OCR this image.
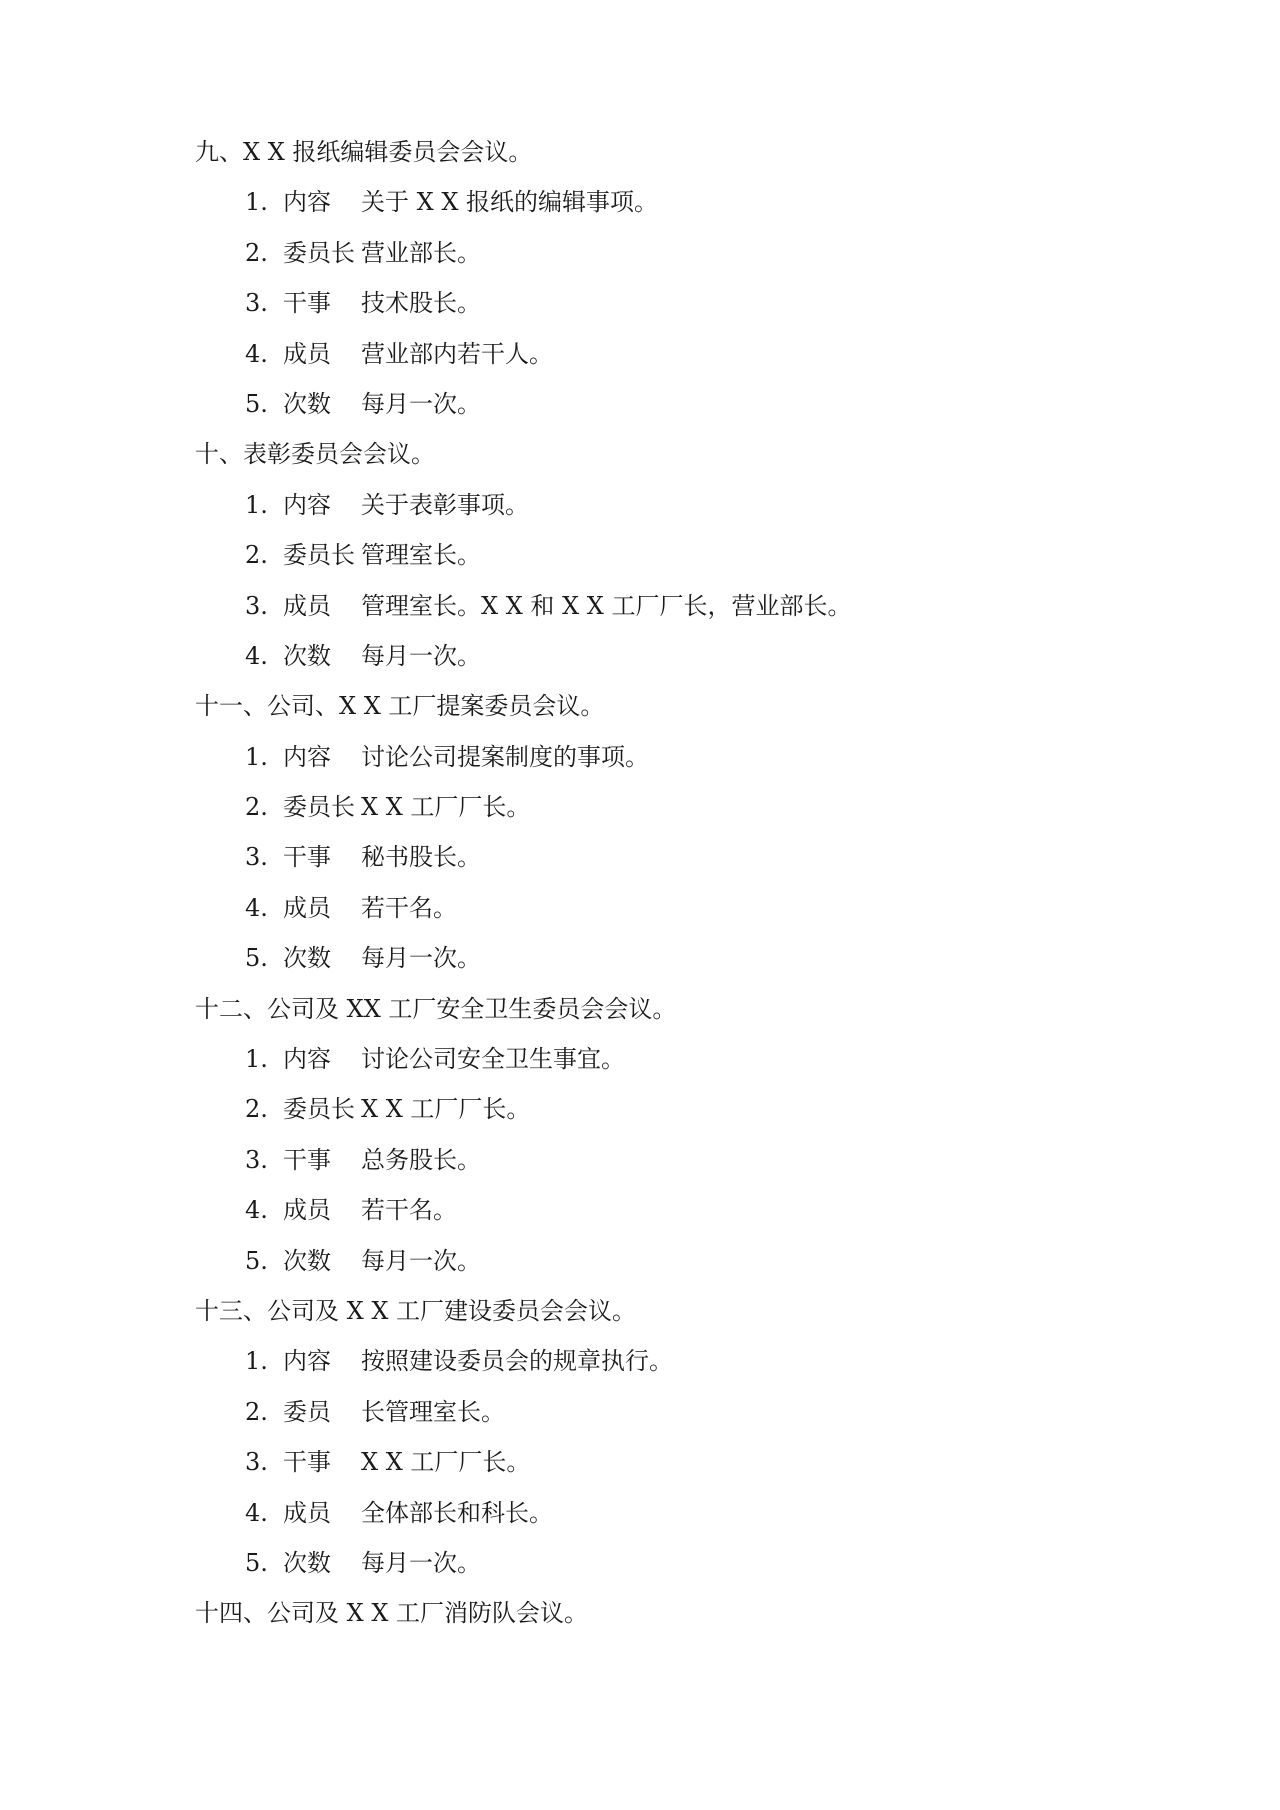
九、X X 报纸编辑委员会会议。
1. 内容 关于 X X 报纸的编辑事项。
2. 委员长 营业部长。
3. 干事 技术股长。
4. 成员 营业部内若干人。
5. 次数 每月一次。
十、表彰委员会会议。
1. 内容 关于表彰事项。
2. 委员长 管理室长。
3. 成员 管理室长。X X 和 X X 工厂厂长，营业部长。
4. 次数 每月一次。
十一、公司、X X 工厂提案委员会议。
1. 内容 讨论公司提案制度的事项。
2. 委员长 X X 工厂厂长。
3. 干事 秘书股长。
4. 成员 若干名。
5. 次数 每月一次。
十二、公司及 XX 工厂安全卫生委员会会议。
1. 内容 讨论公司安全卫生事宜。
2. 委员长 X X 工厂厂长。
3. 干事 总务股长。
4. 成员 若干名。
5. 次数 每月一次。
十三、公司及 X X 工厂建设委员会会议。
1. 内容 按照建设委员会的规章执行。
2. 委员 长管理室长。
3. 干事 X X 工厂厂长。
4. 成员 全体部长和科长。
5. 次数 每月一次。
十四、公司及 X X 工厂消防队会议。
